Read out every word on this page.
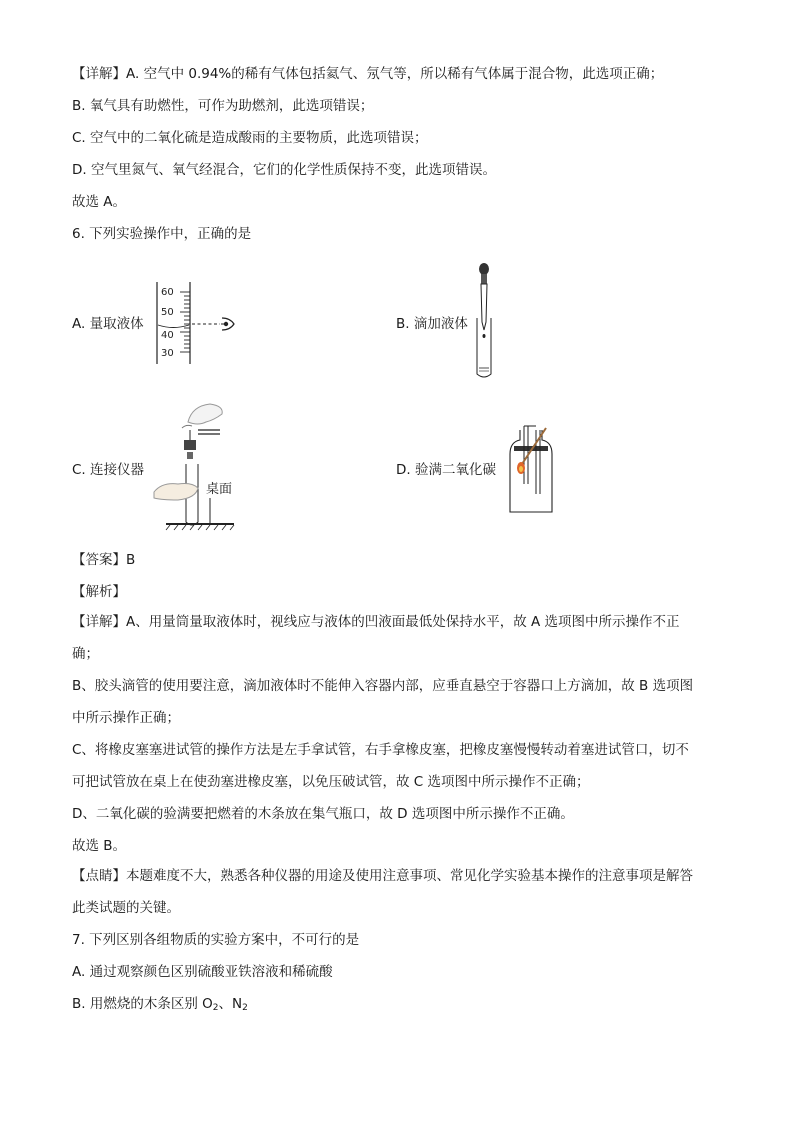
【详解】A. 空气中 0.94%的稀有气体包括氦气、氖气等，所以稀有气体属于混合物，此选项正确；
B. 氧气具有助燃性，可作为助燃剂，此选项错误；
C. 空气中的二氧化硫是造成酸雨的主要物质，此选项错误；
D. 空气里氮气、氧气经混合，它们的化学性质保持不变，此选项错误。
故选 A。
6. 下列实验操作中，正确的是
A. 量取液体
60
50
40
30
B. 滴加液体
C. 连接仪器
桌面
D. 验满二氧化碳
【答案】B
【解析】
【详解】A、用量筒量取液体时，视线应与液体的凹液面最低处保持水平，故 A 选项图中所示操作不正
确；
B、胶头滴管的使用要注意，滴加液体时不能伸入容器内部，应垂直悬空于容器口上方滴加，故 B 选项图
中所示操作正确；
C、将橡皮塞塞进试管的操作方法是左手拿试管，右手拿橡皮塞，把橡皮塞慢慢转动着塞进试管口，切不
可把试管放在桌上在使劲塞进橡皮塞，以免压破试管，故 C 选项图中所示操作不正确；
D、二氧化碳的验满要把燃着的木条放在集气瓶口，故 D 选项图中所示操作不正确。
故选 B。
【点睛】本题难度不大，熟悉各种仪器的用途及使用注意事项、常见化学实验基本操作的注意事项是解答
此类试题的关键。
7. 下列区别各组物质的实验方案中，不可行的是
A. 通过观察颜色区别硫酸亚铁溶液和稀硫酸
B. 用燃烧的木条区别 $O_2$、$N_2$
